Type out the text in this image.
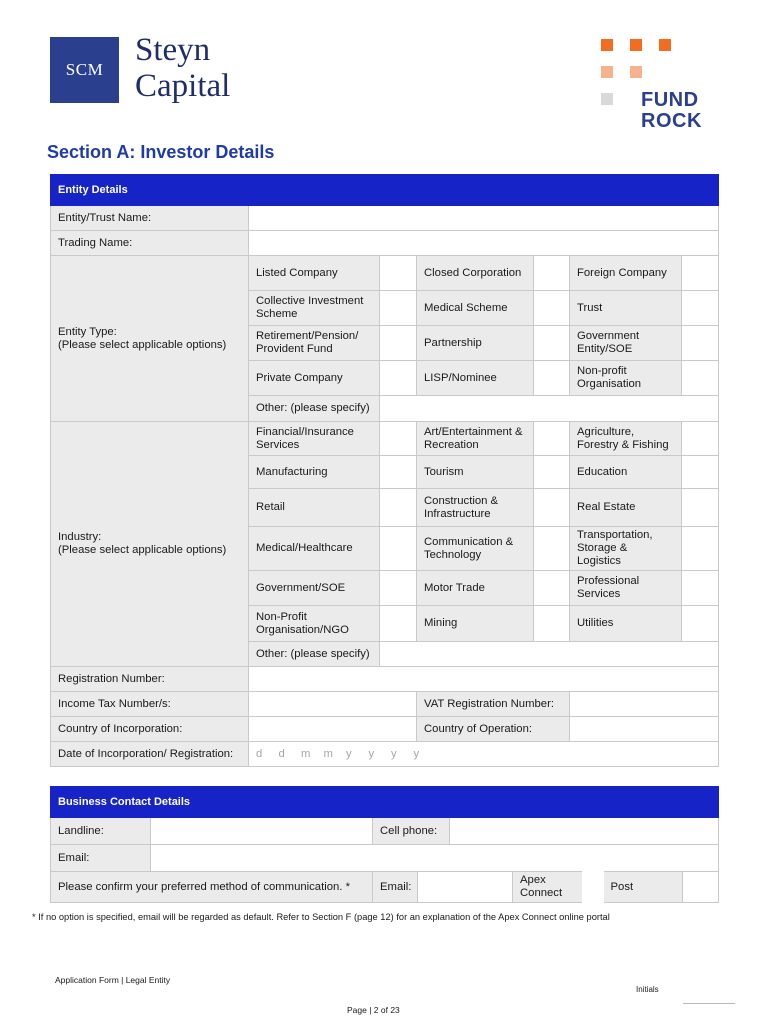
SCM
Steyn
Capital	FUND
ROCK
Section A: Investor Details
Entity Details						
Entity/Trust Name:						
Trading Name:						

Entity Type:
(Please select applicable options)	Listed Company		Closed Corporation		Foreign Company	
	Collective Investment Scheme		Medical Scheme		Trust	
	Retirement/Pension/ Provident Fund		Partnership		Government Entity/SOE	
	Private Company		LISP/Nominee		Non-profit Organisation	
	Other: (please specify)					

Industry:
(Please select applicable options)	Financial/Insurance Services		Art/Entertainment & Recreation		Agriculture, Forestry & Fishing	
	Manufacturing		Tourism		Education	
	Retail		Construction & Infrastructure		Real Estate	
	Medical/Healthcare		Communication & Technology		Transportation, Storage & Logistics	
	Government/SOE		Motor Trade		Professional Services	
	Non-Profit Organisation/NGO		Mining		Utilities	
	Other: (please specify)					
Registration Number:						
Income Tax Number/s:			VAT Registration Number:			
Country of Incorporation:			Country of Operation:			
Date of Incorporation/ Registration:	d d m m y y y y					
Business Contact Details							
Landline:		Cell phone:					
Email:							
Please confirm your preferred method of communication. *		Email:			Apex Connect	Post	
* If no option is specified, email will be regarded as default. Refer to Section F (page 12) for an explanation of the Apex Connect online portal
Application Form | Legal Entity
Initials
Page | 2 of 23
